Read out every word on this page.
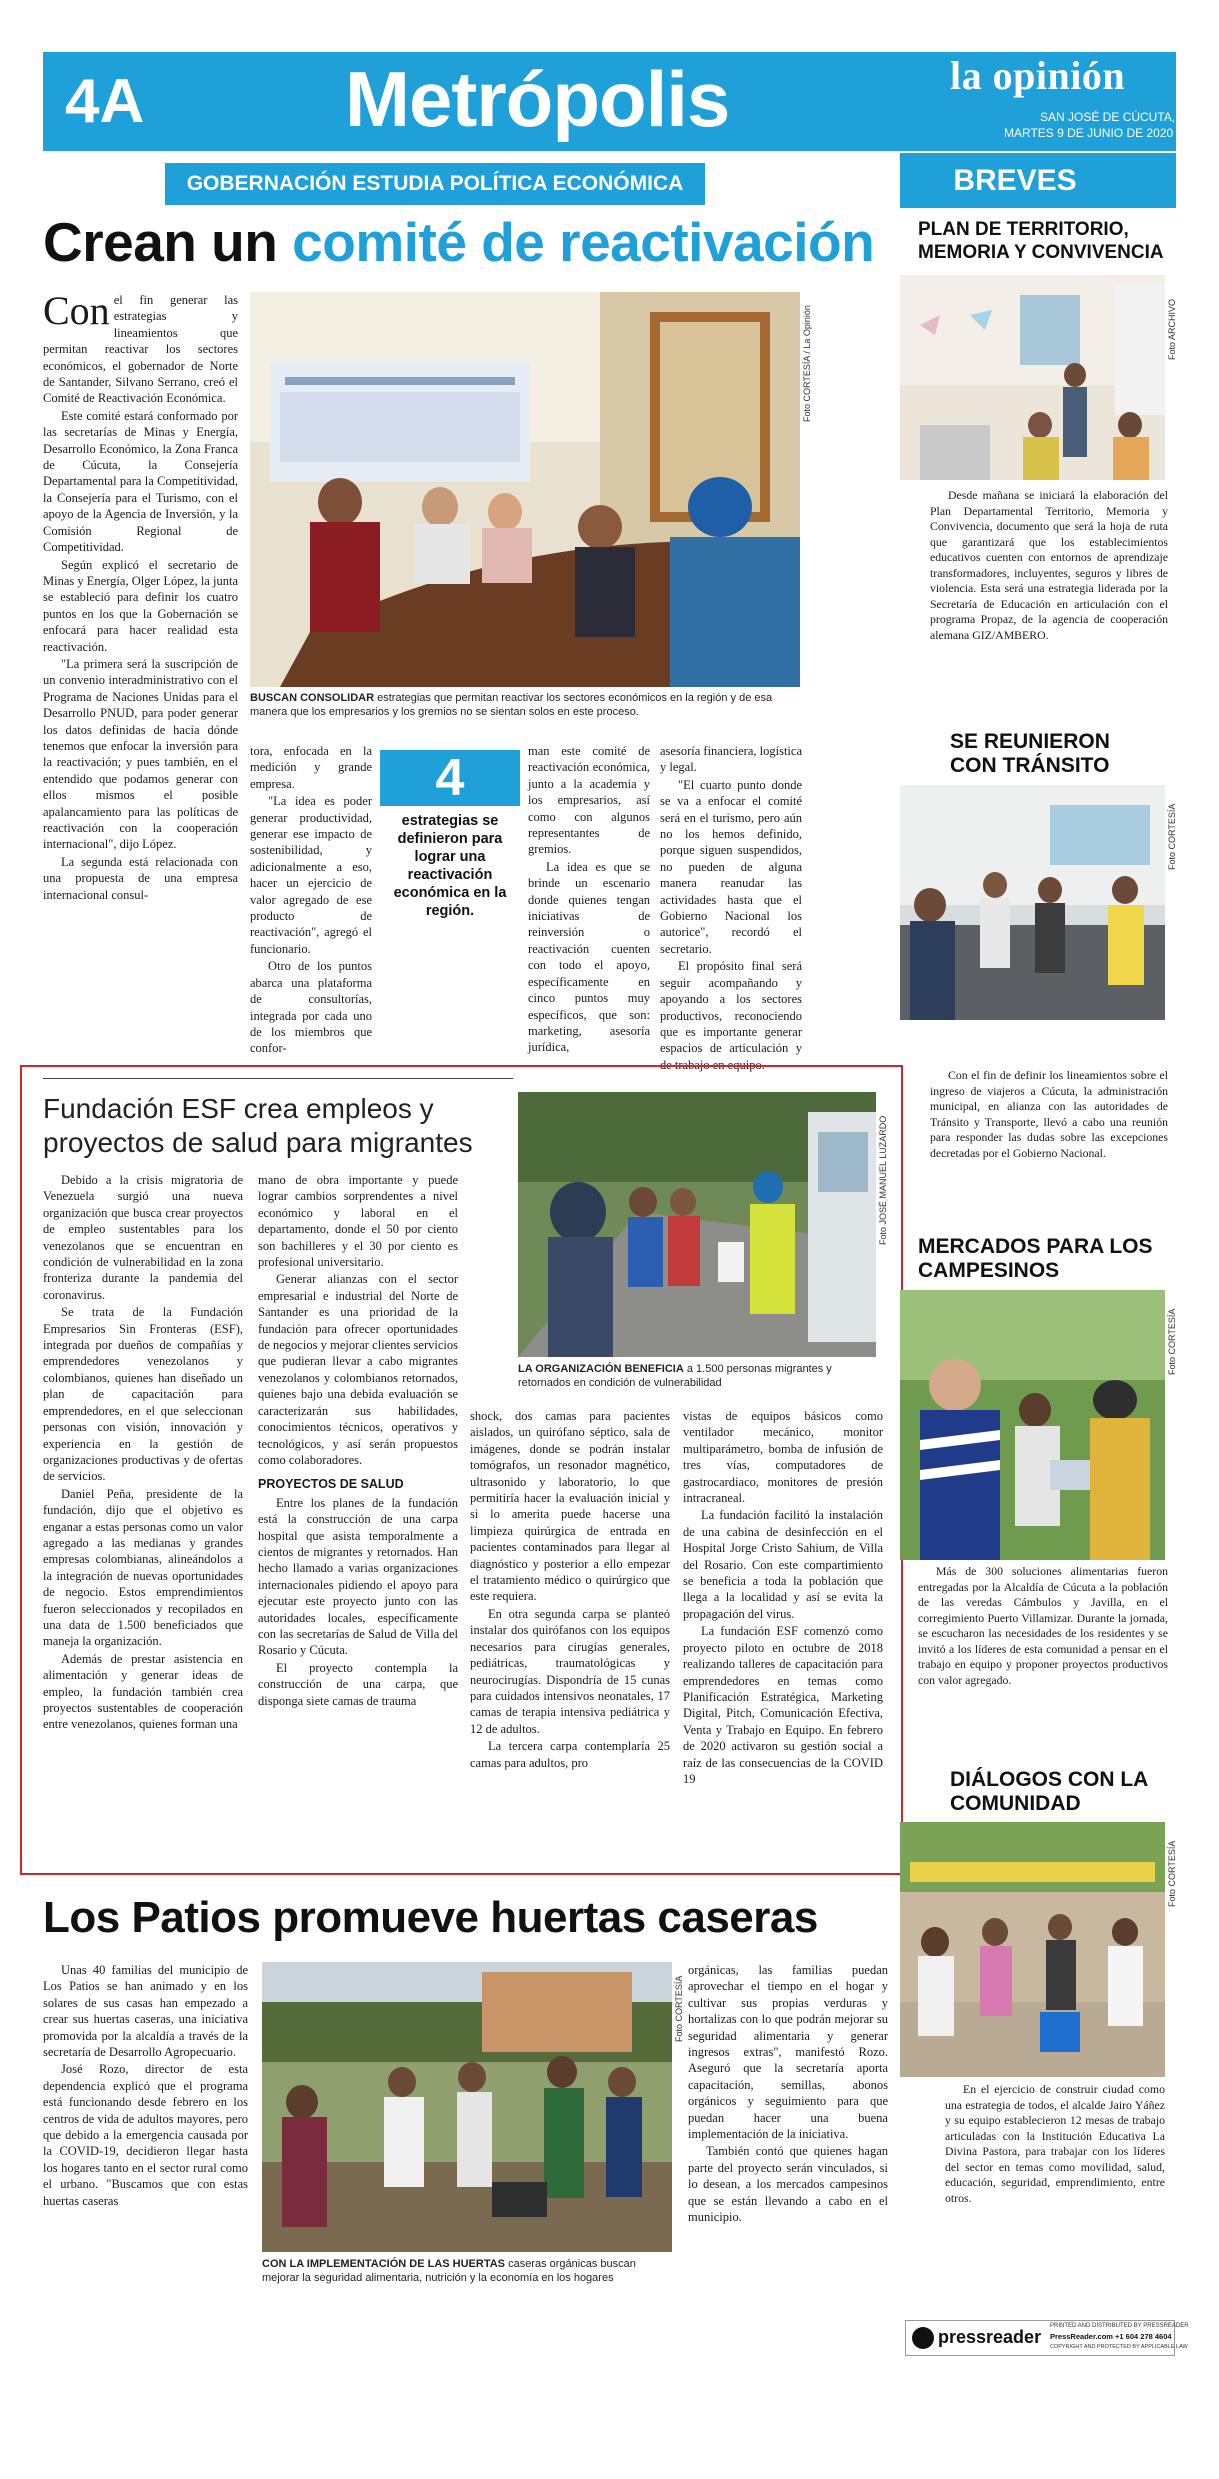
4A	Metrópolis	la opinión
SAN JOSÉ DE CÚCUTA,
MARTES 9 DE JUNIO DE 2020
GOBERNACIÓN ESTUDIA POLÍTICA ECONÓMICA	BREVES
Crean un comité de reactivación
Foto CORTESÍA / La Opinión
BUSCAN CONSOLIDAR estrategias que permitan reactivar los sectores económicos en la región y de esa manera que los empresarios y los gremios no se sientan solos en este proceso.
Con el fin generar las estrategias y lineamientos que permitan reactivar los sectores económicos, el gobernador de Norte de Santander, Silvano Serrano, creó el Comité de Reactivación Económica.

Este comité estará conformado por las secretarías de Minas y Energía, Desarrollo Económico, la Zona Franca de Cúcuta, la Consejería Departamental para la Competitividad, la Consejería para el Turismo, con el apoyo de la Agencia de Inversión, y la Comisión Regional de Competitividad.

Según explicó el secretario de Minas y Energía, Olger López, la junta se estableció para definir los cuatro puntos en los que la Gobernación se enfocará para hacer realidad esta reactivación.

"La primera será la suscripción de un convenio interadministrativo con el Programa de Naciones Unidas para el Desarrollo PNUD, para poder generar los datos definidas de hacia dónde tenemos que enfocar la inversión para la reactivación; y pues también, en el entendido que podamos generar con ellos mismos el posible apalancamiento para las políticas de reactivación con la cooperación internacional", dijo López.

La segunda está relacionada con una propuesta de una empresa internacional consul-

tora, enfocada en la medición y grande empresa.

"La idea es poder generar productividad, generar ese impacto de sostenibilidad, y adicionalmente a eso, hacer un ejercicio de valor agregado de ese producto de reactivación", agregó el funcionario.

Otro de los puntos abarca una plataforma de consultorías, integrada por cada uno de los miembros que confor-

4
estrategias se definieron para lograr una reactivación económica en la región.

man este comité de reactivación económica, junto a la academia y los empresarios, así como con algunos representantes de gremios.

La idea es que se brinde un escenario donde quienes tengan iniciativas de reinversión o reactivación cuenten con todo el apoyo, específicamente en cinco puntos muy específicos, que son: marketing, asesoría jurídica,

asesoría financiera, logística y legal.

"El cuarto punto donde se va a enfocar el comité será en el turismo, pero aún no los hemos definido, porque siguen suspendidos, no pueden de alguna manera reanudar las actividades hasta que el Gobierno Nacional los autorice", recordó el secretario.

El propósito final será seguir acompañando y apoyando a los sectores productivos, reconociendo que es importante generar espacios de articulación y de trabajo en equipo.

Fundación ESF crea empleos y proyectos de salud para migrantes	Foto JOSÉ MANUEL LUZARDO
LA ORGANIZACIÓN BENEFICIA a 1.500 personas migrantes y retornados en condición de vulnerabilidad

Debido a la crisis migratoria de Venezuela surgió una nueva organización que busca crear proyectos de empleo sustentables para los venezolanos que se encuentran en condición de vulnerabilidad en la zona fronteriza durante la pandemia del coronavirus.

Se trata de la Fundación Empresarios Sin Fronteras (ESF), integrada por dueños de compañías y emprendedores venezolanos y colombianos, quienes han diseñado un plan de capacitación para emprendedores, en el que seleccionan personas con visión, innovación y experiencia en la gestión de organizaciones productivas y de ofertas de servicios.

Daniel Peña, presidente de la fundación, dijo que el objetivo es enganar a estas personas como un valor agregado a las medianas y grandes empresas colombianas, alineándolos a la integración de nuevas oportunidades de negocio. Estos emprendimientos fueron seleccionados y recopilados en una data de 1.500 beneficiados que maneja la organización.

Además de prestar asistencia en alimentación y generar ideas de empleo, la fundación también crea proyectos sustentables de cooperación entre venezolanos, quienes forman una

mano de obra importante y puede lograr cambios sorprendentes a nivel económico y laboral en el departamento, donde el 50 por ciento son bachilleres y el 30 por ciento es profesional universitario.

Generar alianzas con el sector empresarial e industrial del Norte de Santander es una prioridad de la fundación para ofrecer oportunidades de negocios y mejorar clientes servicios que pudieran llevar a cabo migrantes venezolanos y colombianos retornados, quienes bajo una debida evaluación se caracterizarán sus habilidades, conocimientos técnicos, operativos y tecnológicos, y así serán propuestos como colaboradores.

PROYECTOS DE SALUD

Entre los planes de la fundación está la construcción de una carpa hospital que asista temporalmente a cientos de migrantes y retornados. Han hecho llamado a varias organizaciones internacionales pidiendo el apoyo para ejecutar este proyecto junto con las autoridades locales, específicamente con las secretarías de Salud de Villa del Rosario y Cúcuta.

El proyecto contempla la construcción de una carpa, que disponga siete camas de trauma

shock, dos camas para pacientes aislados, un quirófano séptico, sala de imágenes, donde se podrán instalar tomógrafos, un resonador magnético, ultrasonido y laboratorio, lo que permitiría hacer la evaluación inicial y si lo amerita puede hacerse una limpieza quirúrgica de entrada en pacientes contaminados para llegar al diagnóstico y posterior a ello empezar el tratamiento médico o quirúrgico que este requiera.

En otra segunda carpa se planteó instalar dos quirófanos con los equipos necesarios para cirugías generales, pediátricas, traumatológicas y neurocirugías. Dispondría de 15 cunas para cuidados intensivos neonatales, 17 camas de terapia intensiva pediátrica y 12 de adultos.

La tercera carpa contemplaría 25 camas para adultos, pro

vistas de equipos básicos como ventilador mecánico, monitor multiparámetro, bomba de infusión de tres vías, computadores de gastrocardiaco, monitores de presión intracraneal.

La fundación facilitó la instalación de una cabina de desinfección en el Hospital Jorge Cristo Sahium, de Villa del Rosario. Con este compartimiento se beneficia a toda la población que llega a la localidad y así se evita la propagación del virus.

La fundación ESF comenzó como proyecto piloto en octubre de 2018 realizando talleres de capacitación para emprendedores en temas como Planificación Estratégica, Marketing Digital, Pitch, Comunicación Efectiva, Venta y Trabajo en Equipo. En febrero de 2020 activaron su gestión social a raíz de las consecuencias de la COVID 19

Los Patios promueve huertas caseras

Unas 40 familias del municipio de Los Patios se han animado y en los solares de sus casas han empezado a crear sus huertas caseras, una iniciativa promovida por la alcaldía a través de la secretaría de Desarrollo Agropecuario.

José Rozo, director de esta dependencia explicó que el programa está funcionando desde febrero en los centros de vida de adultos mayores, pero que debido a la emergencia causada por la COVID-19, decidieron llegar hasta los hogares tanto en el sector rural como el urbano. "Buscamos que con estas huertas caseras

Foto CORTESÍA
CON LA IMPLEMENTACIÓN DE LAS HUERTAS caseras orgánicas buscan mejorar la seguridad alimentaria, nutrición y la economía en los hogares

orgánicas, las familias puedan aprovechar el tiempo en el hogar y cultivar sus propias verduras y hortalizas con lo que podrán mejorar su seguridad alimentaria y generar ingresos extras", manifestó Rozo. Aseguró que la secretaría aporta capacitación, semillas, abonos orgánicos y seguimiento para que puedan hacer una buena implementación de la iniciativa.

También contó que quienes hagan parte del proyecto serán vinculados, si lo desean, a los mercados campesinos que se están llevando a cabo en el municipio.

PLAN DE TERRITORIO, MEMORIA Y CONVIVENCIA
Foto ARCHIVO
Desde mañana se iniciará la elaboración del Plan Departamental Territorio, Memoria y Convivencia, documento que será la hoja de ruta que garantizará que los establecimientos educativos cuenten con entornos de aprendizaje transformadores, incluyentes, seguros y libres de violencia. Esta será una estrategia liderada por la Secretaría de Educación en articulación con el programa Propaz, de la agencia de cooperación alemana GIZ/AMBERO.
SE REUNIERON CON TRÁNSITO
Foto CORTESÍA
Con el fin de definir los lineamientos sobre el ingreso de viajeros a Cúcuta, la administración municipal, en alianza con las autoridades de Tránsito y Transporte, llevó a cabo una reunión para responder las dudas sobre las excepciones decretadas por el Gobierno Nacional.
MERCADOS PARA LOS CAMPESINOS
Foto CORTESÍA
Más de 300 soluciones alimentarias fueron entregadas por la Alcaldía de Cúcuta a la población de las veredas Cámbulos y Javilla, en el corregimiento Puerto Villamizar. Durante la jornada, se escucharon las necesidades de los residentes y se invitó a los líderes de esta comunidad a pensar en el trabajo en equipo y proponer proyectos productivos con valor agregado.
DIÁLOGOS CON LA COMUNIDAD
Foto CORTESÍA
En el ejercicio de construir ciudad como una estrategia de todos, el alcalde Jairo Yáñez y su equipo establecieron 12 mesas de trabajo articuladas con la Institución Educativa La Divina Pastora, para trabajar con los líderes del sector en temas como movilidad, salud, educación, seguridad, emprendimiento, entre otros.
pressreader
PRINTED AND DISTRIBUTED BY PRESSREADER
PressReader.com +1 604 278 4604
COPYRIGHT AND PROTECTED BY APPLICABLE LAW
